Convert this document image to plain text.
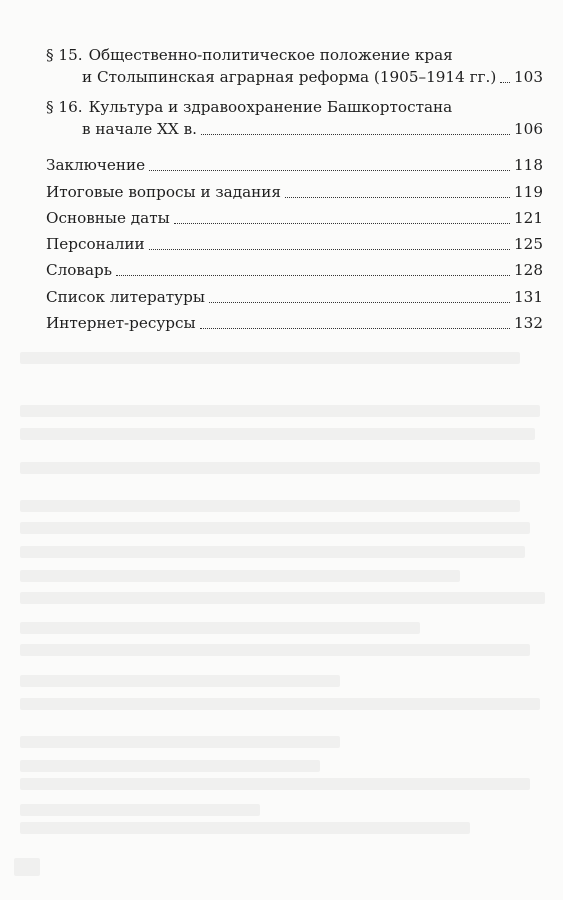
§ 15. Общественно-политическое положение края
и Столыпинская аграрная реформа (1905–1914 гг.) 103
§ 16. Культура и здравоохранение Башкортостана
в начале XX в.	106
Заключение	118
Итоговые вопросы и задания	119
Основные даты	121
Персоналии	125
Словарь	128
Список литературы	131
Интернет-ресурсы	132
